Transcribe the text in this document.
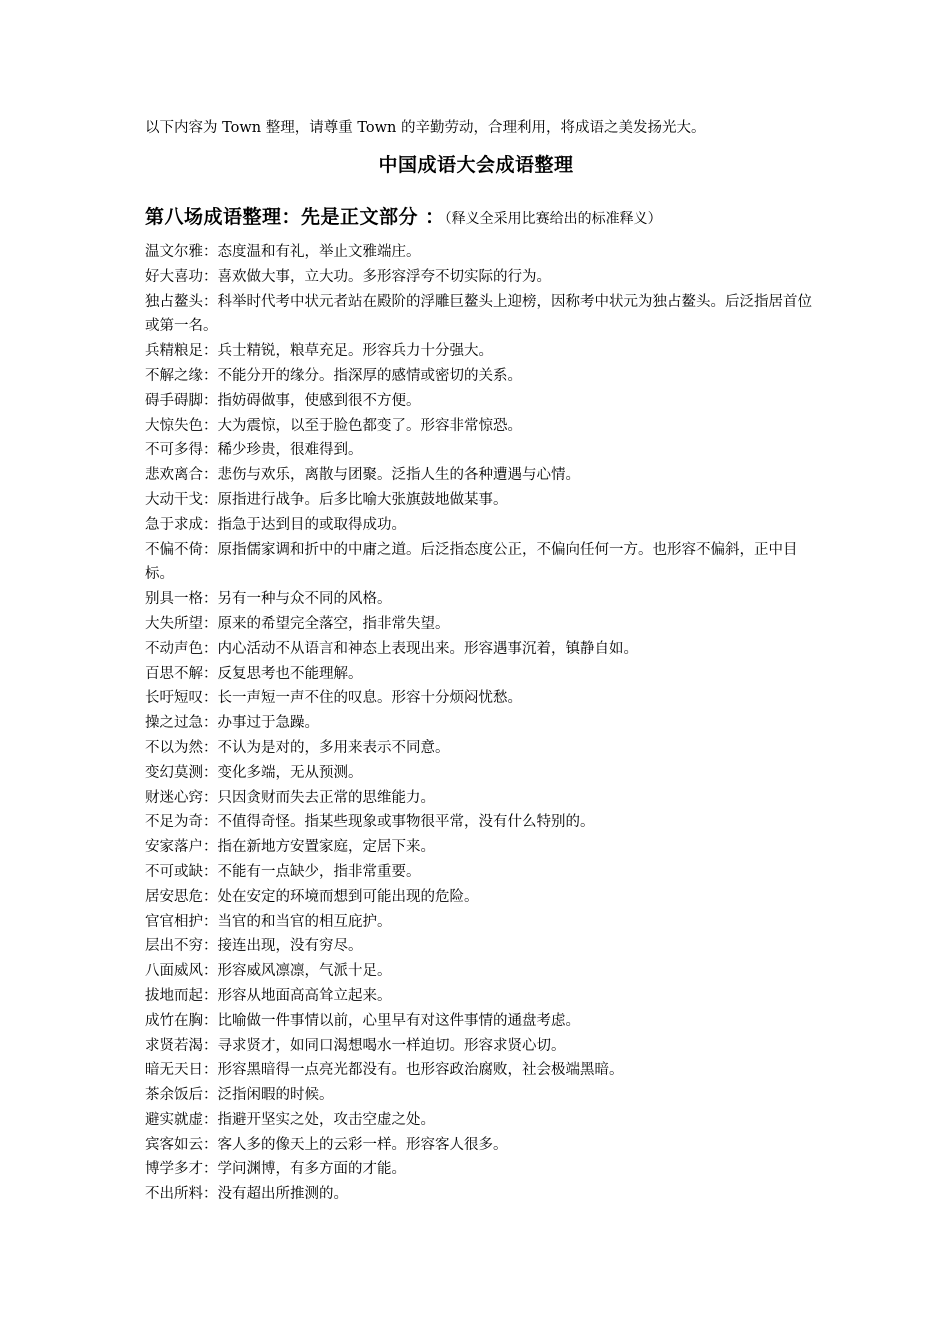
以下内容为 Town 整理，请尊重 Town 的辛勤劳动，合理利用，将成语之美发扬光大。

中国成语大会成语整理
第八场成语整理：先是正文部分 ：（释义全采用比赛给出的标准释义）
温文尔雅：态度温和有礼，举止文雅端庄。
好大喜功：喜欢做大事，立大功。多形容浮夸不切实际的行为。
独占鳌头：科举时代考中状元者站在殿阶的浮雕巨鳌头上迎榜，因称考中状元为独占鳌头。后泛指居首位或第一名。
兵精粮足：兵士精锐，粮草充足。形容兵力十分强大。
不解之缘：不能分开的缘分。指深厚的感情或密切的关系。
碍手碍脚：指妨碍做事，使感到很不方便。
大惊失色：大为震惊，以至于脸色都变了。形容非常惊恐。
不可多得：稀少珍贵，很难得到。
悲欢离合：悲伤与欢乐，离散与团聚。泛指人生的各种遭遇与心情。
大动干戈：原指进行战争。后多比喻大张旗鼓地做某事。
急于求成：指急于达到目的或取得成功。
不偏不倚：原指儒家调和折中的中庸之道。后泛指态度公正，不偏向任何一方。也形容不偏斜，正中目标。
别具一格：另有一种与众不同的风格。
大失所望：原来的希望完全落空，指非常失望。
不动声色：内心活动不从语言和神态上表现出来。形容遇事沉着，镇静自如。
百思不解：反复思考也不能理解。
长吁短叹：长一声短一声不住的叹息。形容十分烦闷忧愁。
操之过急：办事过于急躁。
不以为然：不认为是对的，多用来表示不同意。
变幻莫测：变化多端，无从预测。
财迷心窍：只因贪财而失去正常的思维能力。
不足为奇：不值得奇怪。指某些现象或事物很平常，没有什么特别的。
安家落户：指在新地方安置家庭，定居下来。
不可或缺：不能有一点缺少，指非常重要。
居安思危：处在安定的环境而想到可能出现的危险。
官官相护：当官的和当官的相互庇护。
层出不穷：接连出现，没有穷尽。
八面威风：形容威风凛凛，气派十足。
拔地而起：形容从地面高高耸立起来。
成竹在胸：比喻做一件事情以前，心里早有对这件事情的通盘考虑。
求贤若渴：寻求贤才，如同口渴想喝水一样迫切。形容求贤心切。
暗无天日：形容黑暗得一点亮光都没有。也形容政治腐败，社会极端黑暗。
茶余饭后：泛指闲暇的时候。
避实就虚：指避开坚实之处，攻击空虚之处。
宾客如云：客人多的像天上的云彩一样。形容客人很多。
博学多才：学问渊博，有多方面的才能。
不出所料：没有超出所推测的。
